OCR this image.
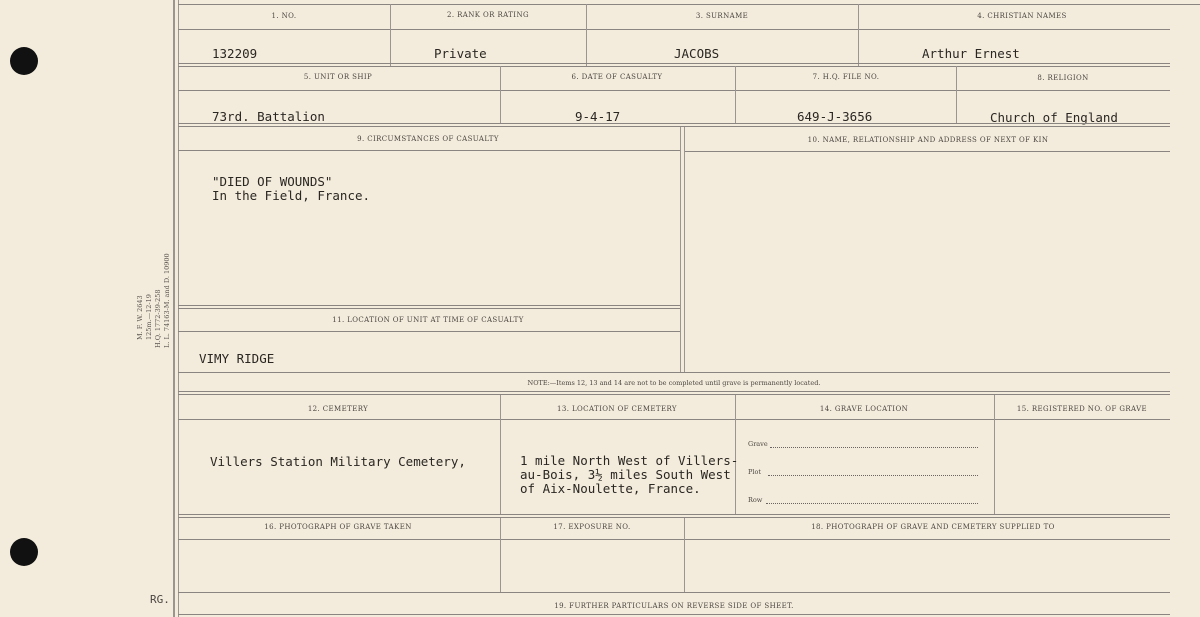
M. F. W. 2643 125m.—12-19 H.Q. 1772-39-258 L. L. 74163-M. and D. 10900
RG.
1. NO.	2. RANK OR RATING	3. SURNAME	4. CHRISTIAN NAMES
132209	Private	JACOBS	Arthur Ernest
5. UNIT OR SHIP	6. DATE OF CASUALTY	7. H.Q. FILE NO.	8. RELIGION
73rd. Battalion	9-4-17	649-J-3656	Church of England
9. CIRCUMSTANCES OF CASUALTY	10. NAME, RELATIONSHIP AND ADDRESS OF NEXT OF KIN
"DIED OF WOUNDS"
In the Field, France.
11. LOCATION OF UNIT AT TIME OF CASUALTY
VIMY RIDGE
NOTE:—Items 12, 13 and 14 are not to be completed until grave is permanently located.
12. CEMETERY	13. LOCATION OF CEMETERY	14. GRAVE LOCATION	15. REGISTERED NO. OF GRAVE
Villers Station Military Cemetery,	1 mile North West of Villers-
au-Bois, 3½ miles South West
of Aix-Noulette, France.
Grave
Plot
Row
16. PHOTOGRAPH OF GRAVE TAKEN	17. EXPOSURE NO.	18. PHOTOGRAPH OF GRAVE AND CEMETERY SUPPLIED TO
19. FURTHER PARTICULARS ON REVERSE SIDE OF SHEET.
